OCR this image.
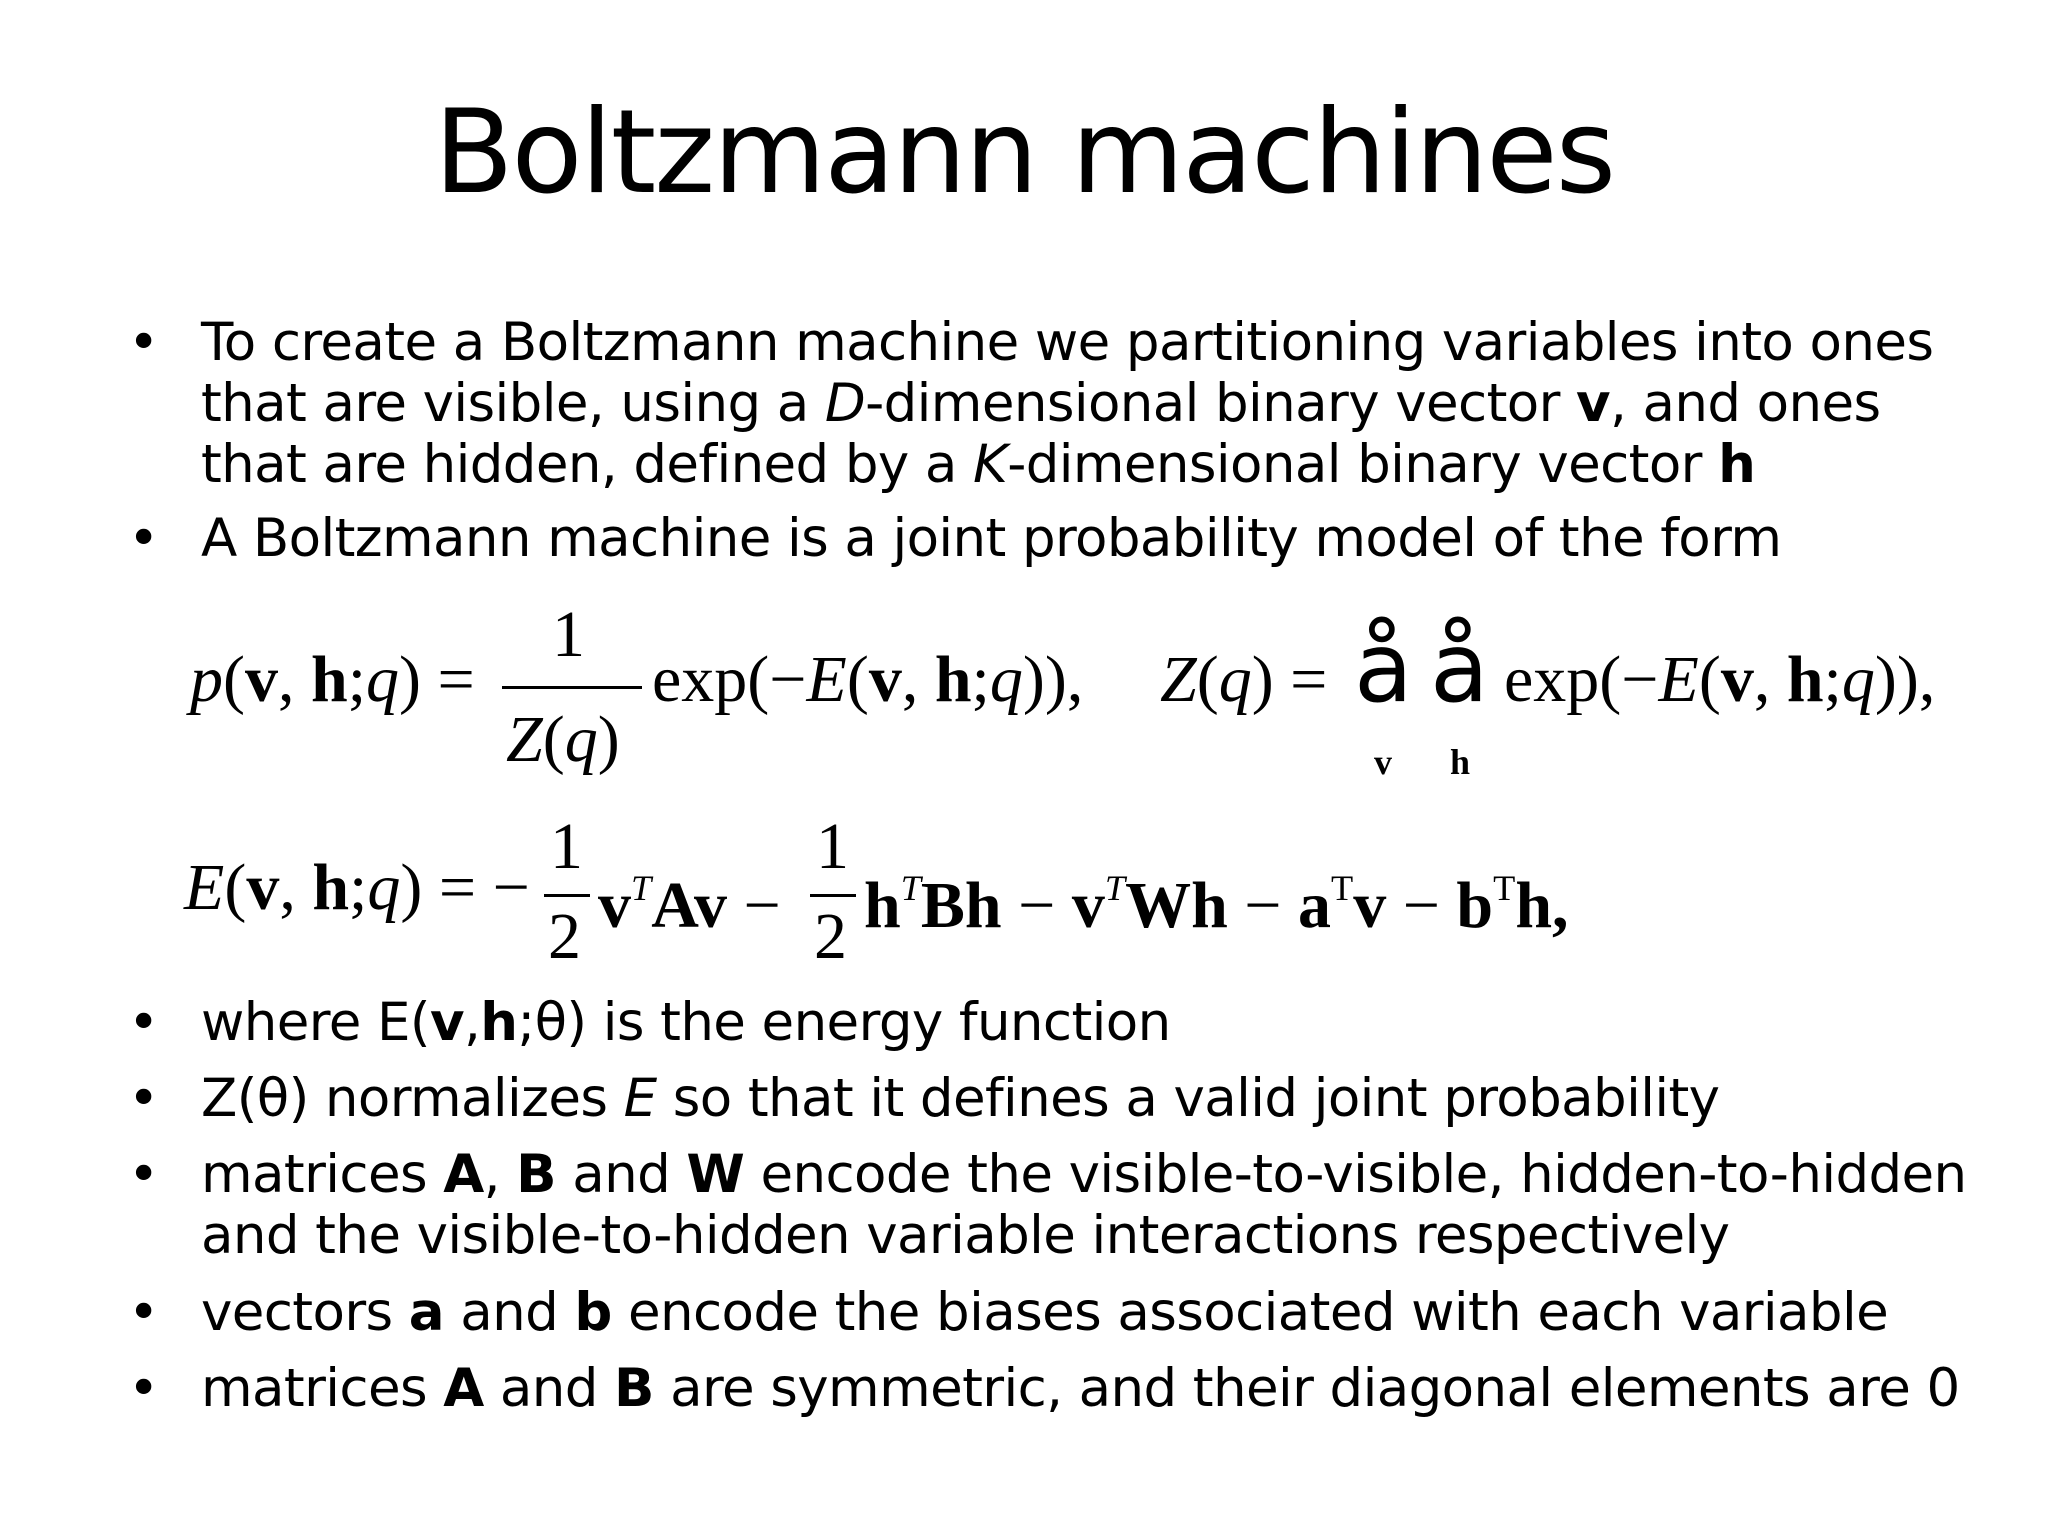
Boltzmann machines
• To create a Boltzmann machine we partitioning variables into ones
that are visible, using a D-dimensional binary vector v, and ones
that are hidden, defined by a K-dimensional binary vector h
• A Boltzmann machine is a joint probability model of the form
• where E(v,h;θ) is the energy function
• Z(θ) normalizes E so that it defines a valid joint probability
• matrices A, B and W encode the visible-to-visible, hidden-to-hidden
and the visible-to-hidden variable interactions respectively
• vectors a and b encode the biases associated with each variable
• matrices A and B are symmetric, and their diagonal elements are 0
p(v, h;q) =
1
Z(q)
exp(−E(v, h;q)), Z(q) = å å
v h
exp(−E(v, h;q)),
E(v, h;q) = −
1
2 $v^TAv$ −
1
2 $h^TBh - v^TWh - a^Tv - b^Th$,
